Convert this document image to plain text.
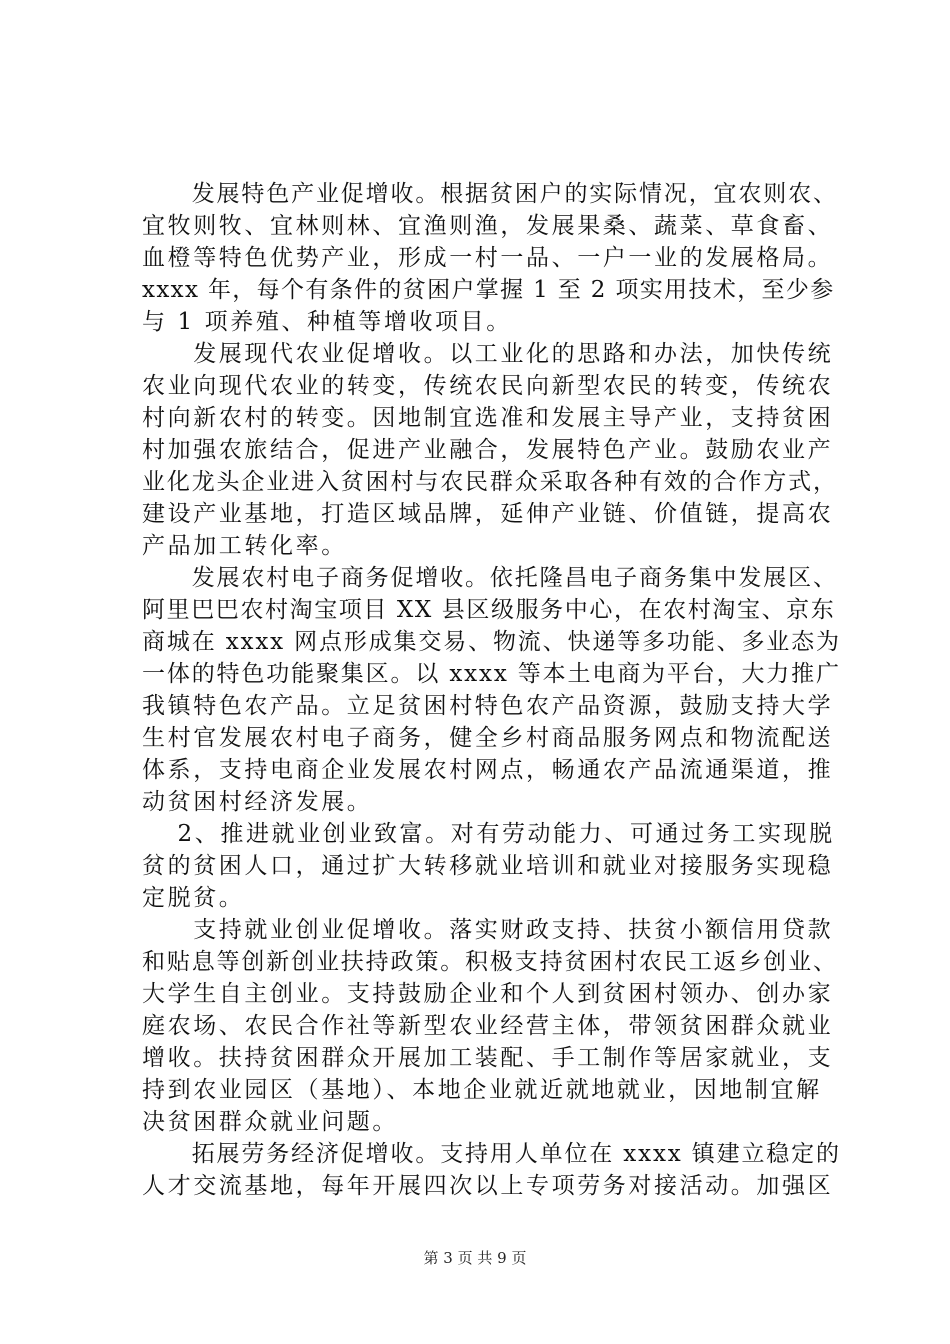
　　发展特色产业促增收。根据贫困户的实际情况，宜农则农、
宜牧则牧、宜林则林、宜渔则渔，发展果桑、蔬菜、草食畜、
血橙等特色优势产业，形成一村一品、一户一业的发展格局。
xxxx 年，每个有条件的贫困户掌握 1 至 2 项实用技术，至少参
与 1 项养殖、种植等增收项目。
　　发展现代农业促增收。以工业化的思路和办法，加快传统
农业向现代农业的转变，传统农民向新型农民的转变，传统农
村向新农村的转变。因地制宜选准和发展主导产业，支持贫困
村加强农旅结合，促进产业融合，发展特色产业。鼓励农业产
业化龙头企业进入贫困村与农民群众采取各种有效的合作方式，
建设产业基地，打造区域品牌，延伸产业链、价值链，提高农
产品加工转化率。
　　发展农村电子商务促增收。依托隆昌电子商务集中发展区、
阿里巴巴农村淘宝项目 XX 县区级服务中心，在农村淘宝、京东
商城在 xxxx 网点形成集交易、物流、快递等多功能、多业态为
一体的特色功能聚集区。以 xxxx 等本土电商为平台，大力推广
我镇特色农产品。立足贫困村特色农产品资源，鼓励支持大学
生村官发展农村电子商务，健全乡村商品服务网点和物流配送
体系，支持电商企业发展农村网点，畅通农产品流通渠道，推
动贫困村经济发展。
　 2、推进就业创业致富。对有劳动能力、可通过务工实现脱
贫的贫困人口，通过扩大转移就业培训和就业对接服务实现稳
定脱贫。
　　支持就业创业促增收。落实财政支持、扶贫小额信用贷款
和贴息等创新创业扶持政策。积极支持贫困村农民工返乡创业、
大学生自主创业。支持鼓励企业和个人到贫困村领办、创办家
庭农场、农民合作社等新型农业经营主体，带领贫困群众就业
增收。扶持贫困群众开展加工装配、手工制作等居家就业，支
持到农业园区（基地）、本地企业就近就地就业，因地制宜解
决贫困群众就业问题。
　　拓展劳务经济促增收。支持用人单位在 xxxx 镇建立稳定的
人才交流基地，每年开展四次以上专项劳务对接活动。加强区
第 3 页 共 9 页
